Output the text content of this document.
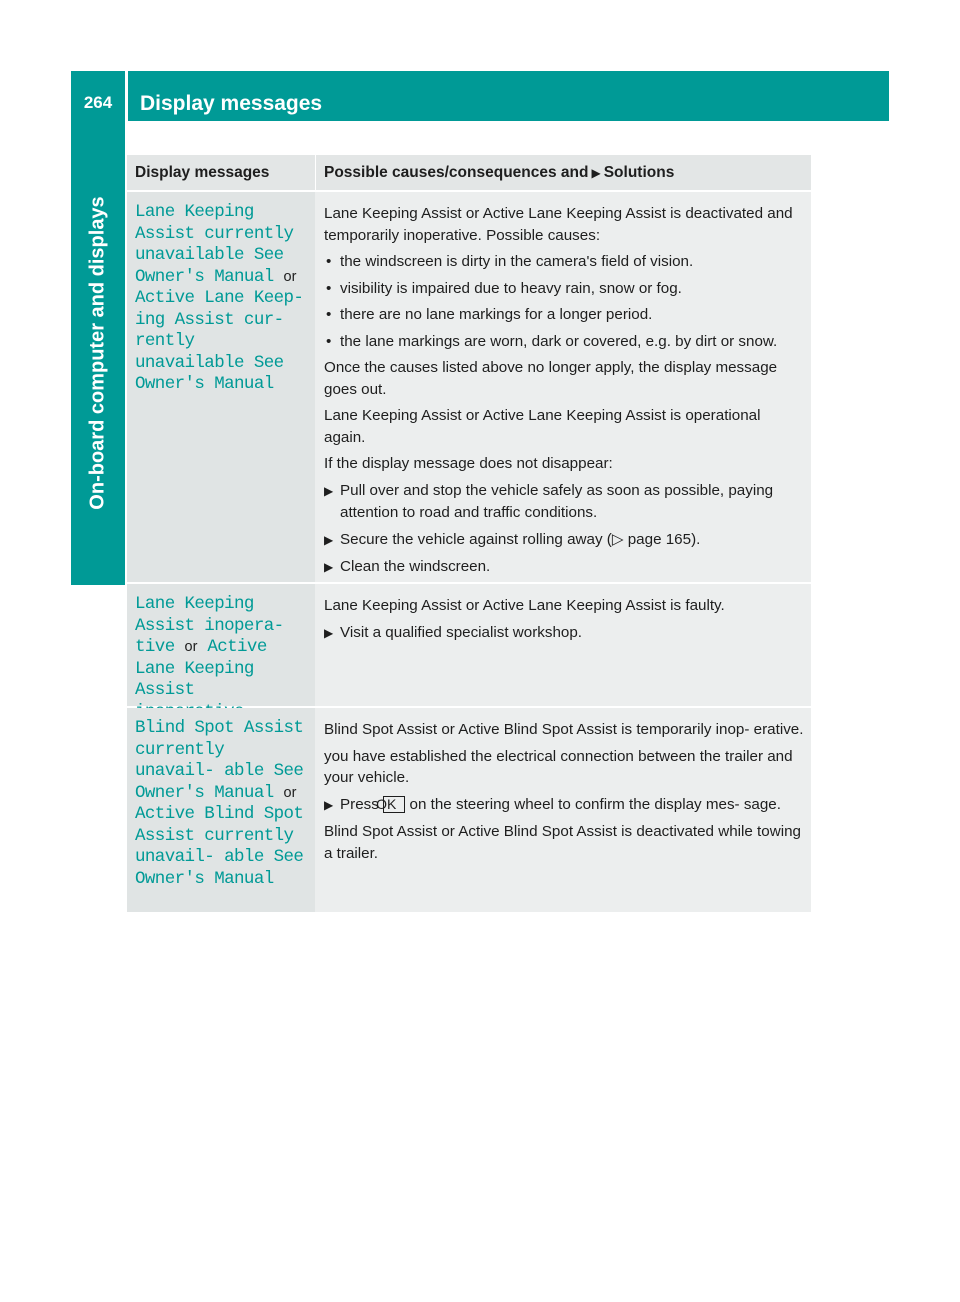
264	Display messages
On-board computer and displays
Display messages	Possible causes/consequences and ▶ Solutions
Lane Keeping Assist currently unavailable See Owner's Manual or Active Lane Keep‐ ing Assist cur‐ rently unavailable See Owner's Manual

Lane Keeping Assist or Active Lane Keeping Assist is deactivated and temporarily inoperative. Possible causes:

• the windscreen is dirty in the camera's field of vision.

• visibility is impaired due to heavy rain, snow or fog.

• there are no lane markings for a longer period.

• the lane markings are worn, dark or covered, e.g. by dirt or snow.

Once the causes listed above no longer apply, the display message goes out.

Lane Keeping Assist or Active Lane Keeping Assist is operational again.

If the display message does not disappear:

▶ Pull over and stop the vehicle safely as soon as possible, paying attention to road and traffic conditions.

▶ Secure the vehicle against rolling away (▷ page 165).

▶ Clean the windscreen.

Lane Keeping Assist inopera‐ tive or Active Lane Keeping Assist

Lane Keeping Assist or Active Lane Keeping Assist is faulty.

▶ Visit a qualified specialist workshop.

Blind Spot Assist currently unavail‐ able See Owner's Manual or Active Blind Spot Assist currently unavail‐ able See Owner's Manual

Blind Spot Assist or Active Blind Spot Assist is temporarily inop‐ erative.

you have established the electrical connection between the trailer and your vehicle.

▶ Press OK on the steering wheel to confirm the display mes‐ sage.

Blind Spot Assist or Active Blind Spot Assist is deactivated while towing a trailer.
